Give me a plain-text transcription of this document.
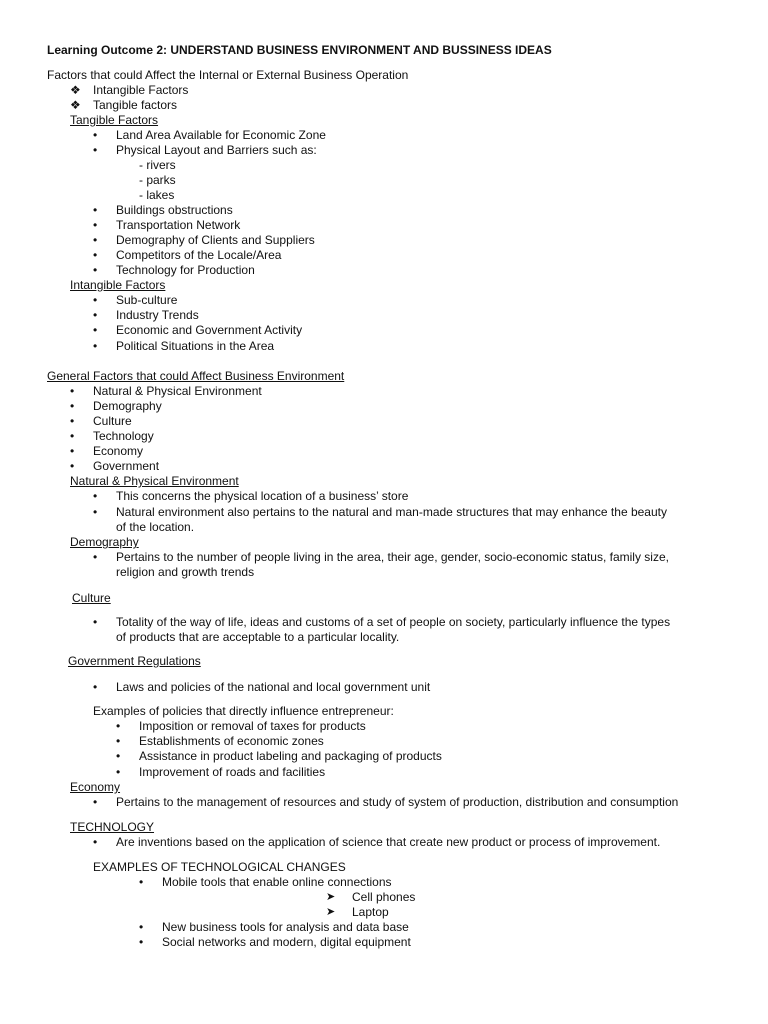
Learning Outcome 2: UNDERSTAND BUSINESS ENVIRONMENT AND BUSSINESS IDEAS
Factors that could Affect the Internal or External Business Operation
❖ Intangible Factors
❖ Tangible factors
Tangible Factors
• Land Area Available for Economic Zone
• Physical Layout and Barriers such as:
- rivers
- parks
- lakes
• Buildings obstructions
• Transportation Network
• Demography of Clients and Suppliers
• Competitors of the Locale/Area
• Technology for Production
Intangible Factors
• Sub-culture
• Industry Trends
• Economic and Government Activity
• Political Situations in the Area
General Factors that could Affect Business Environment
• Natural & Physical Environment
• Demography
• Culture
• Technology
• Economy
• Government
Natural & Physical Environment
• This concerns the physical location of a business’ store
• Natural environment also pertains to the natural and man-made structures that may enhance the beauty
of the location.
Demography
• Pertains to the number of people living in the area, their age, gender, socio-economic status, family size,
religion and growth trends
Culture
• Totality of the way of life, ideas and customs of a set of people on society, particularly influence the types
of products that are acceptable to a particular locality.
Government Regulations
• Laws and policies of the national and local government unit
Examples of policies that directly influence entrepreneur:
• Imposition or removal of taxes for products
• Establishments of economic zones
• Assistance in product labeling and packaging of products
• Improvement of roads and facilities
Economy
• Pertains to the management of resources and study of system of production, distribution and consumption
TECHNOLOGY
• Are inventions based on the application of science that create new product or process of improvement.
EXAMPLES OF TECHNOLOGICAL CHANGES
• Mobile tools that enable online connections
➤ Cell phones
➤ Laptop
• New business tools for analysis and data base
• Social networks and modern, digital equipment
